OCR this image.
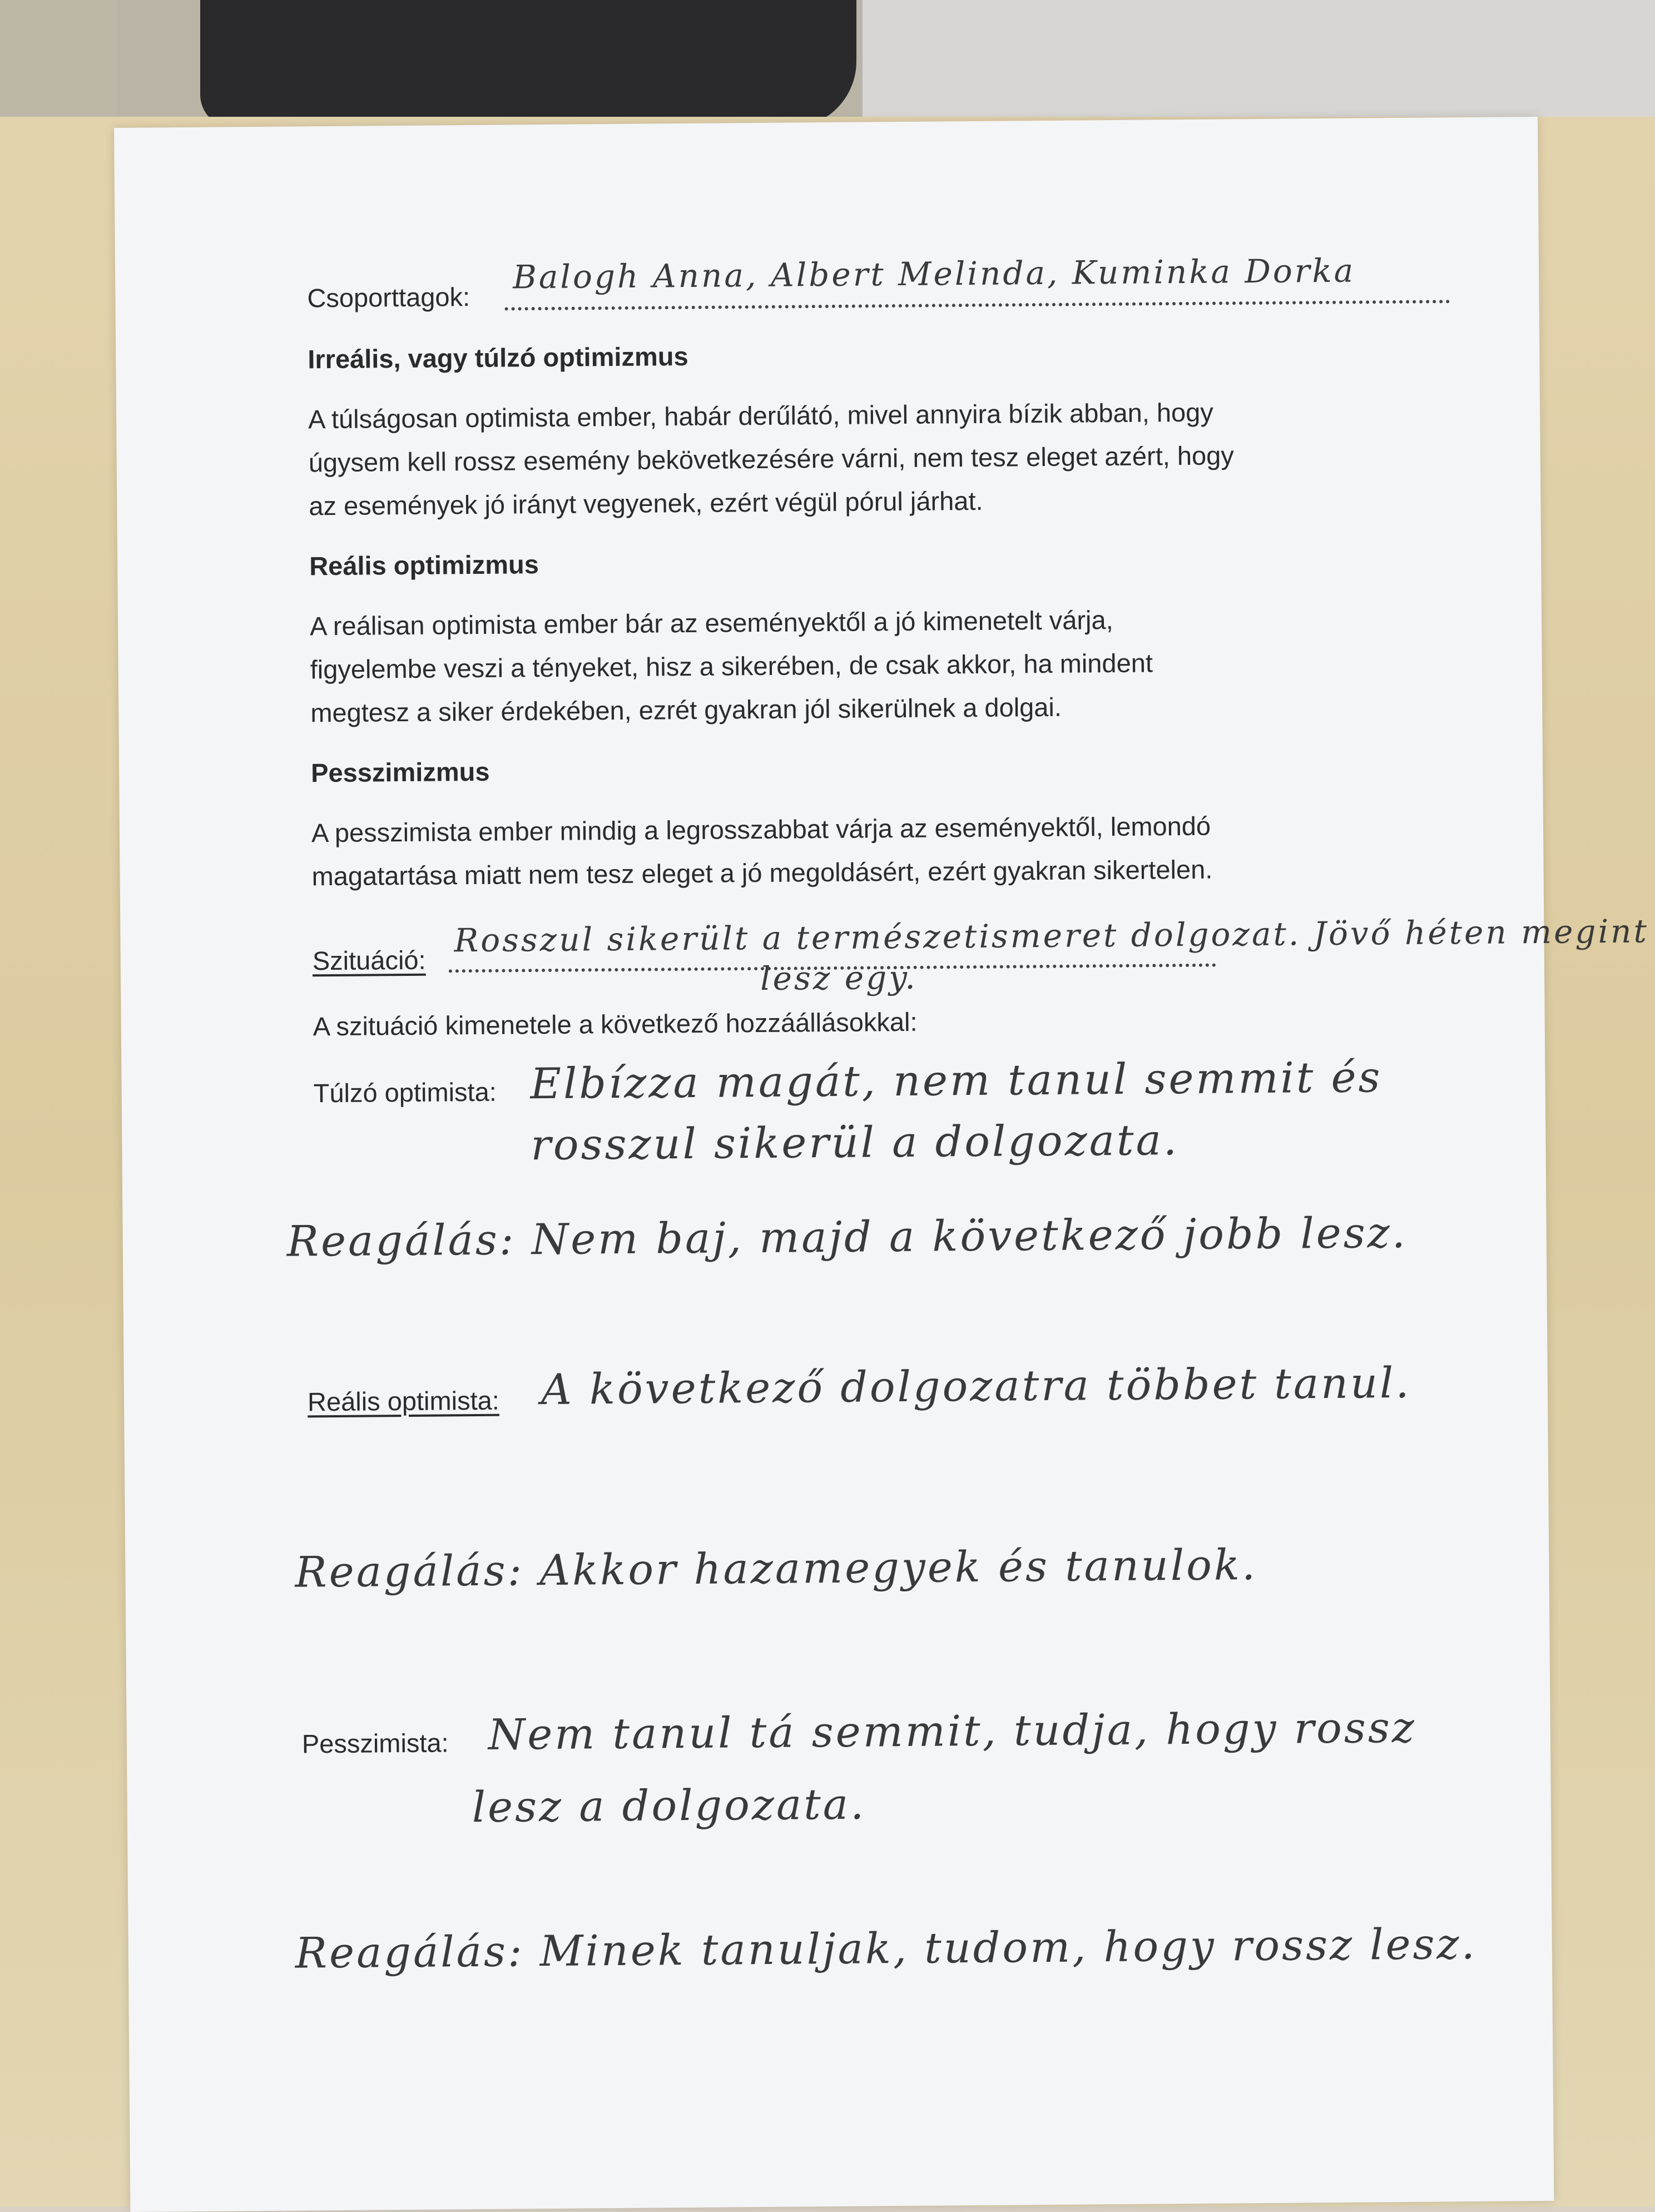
Csoporttagok:
Balogh Anna, Albert Melinda, Kuminka Dorka
Irreális, vagy túlzó optimizmus
A túlságosan optimista ember, habár derűlátó, mivel annyira bízik abban, hogy
úgysem kell rossz esemény bekövetkezésére várni, nem tesz eleget azért, hogy
az események jó irányt vegyenek, ezért végül pórul járhat.
Reális optimizmus
A reálisan optimista ember bár az eseményektől a jó kimenetelt várja,
figyelembe veszi a tényeket, hisz a sikerében, de csak akkor, ha mindent
megtesz a siker érdekében, ezrét gyakran jól sikerülnek a dolgai.
Pesszimizmus
A pesszimista ember mindig a legrosszabbat várja az eseményektől, lemondó
magatartása miatt nem tesz eleget a jó megoldásért, ezért gyakran sikertelen.
Szituáció:
Rosszul sikerült a természetismeret dolgozat. Jövő héten megint
lesz egy.
A szituáció kimenetele a következő hozzáállásokkal:
Túlzó optimista: Elbízza magát, nem tanul semmit és
rosszul sikerül a dolgozata.
Reagálás: Nem baj, majd a következő jobb lesz.
Reális optimista: A következő dolgozatra többet tanul.
Reagálás: Akkor hazamegyek és tanulok.
Pesszimista: Nem tanul tá semmit, tudja, hogy rossz
lesz a dolgozata.
Reagálás: Minek tanuljak, tudom, hogy rossz lesz.
